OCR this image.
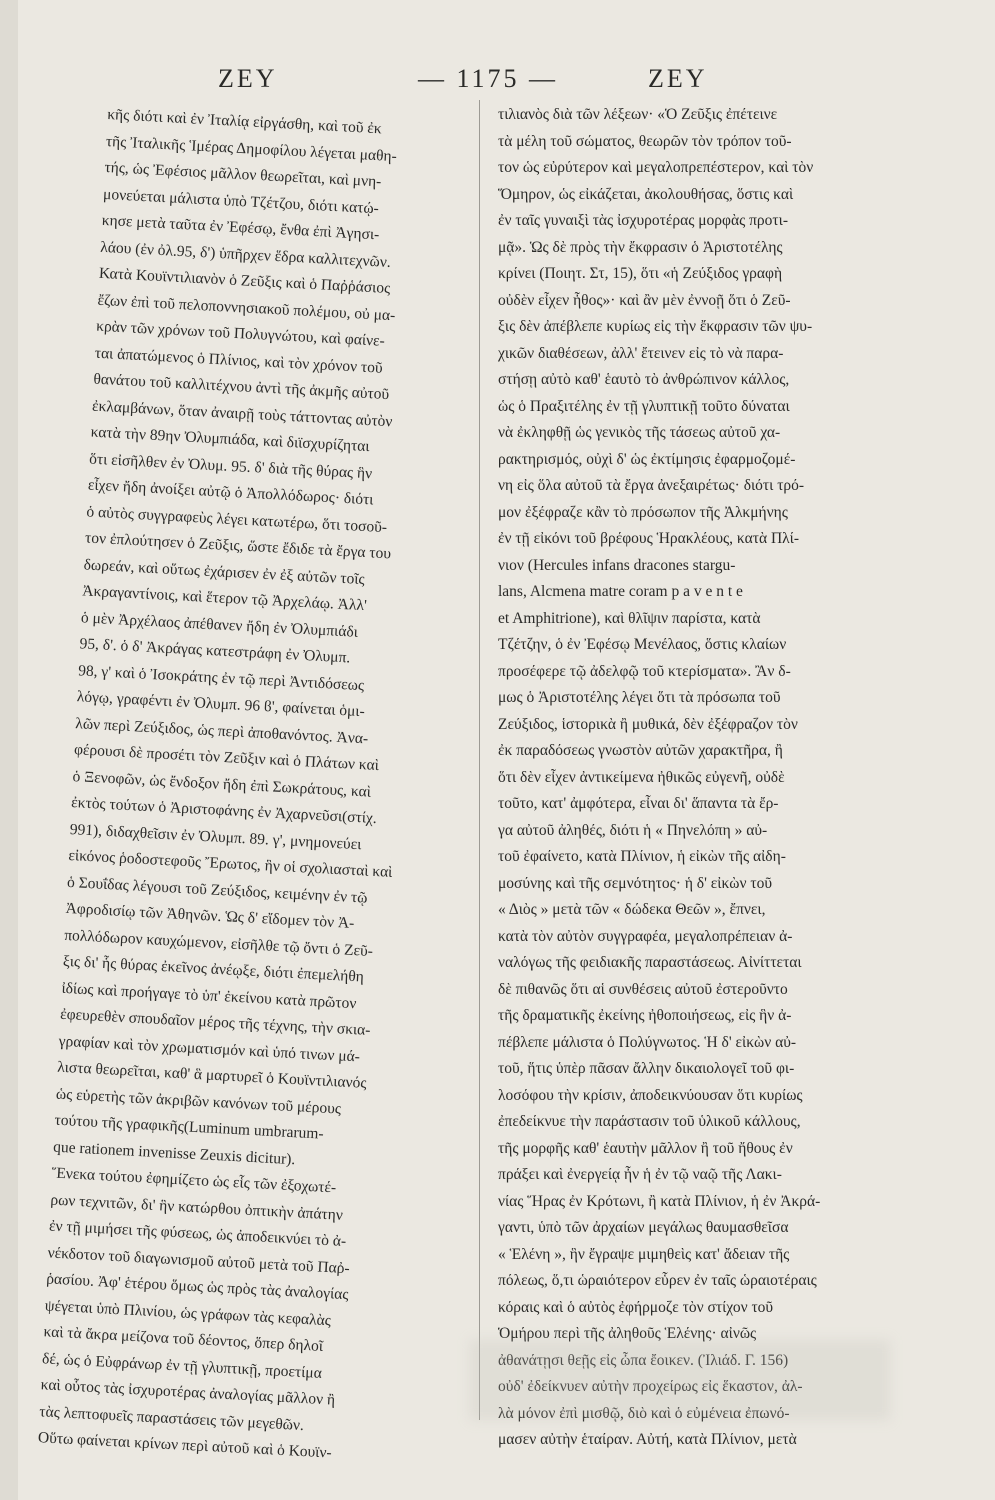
ΖΕΥ	— 1175 —	ΖΕΥ
κῆς διότι καὶ ἐν Ἰταλίᾳ εἰργάσθη, καὶ τοῦ ἐκ
τῆς Ἰταλικῆς Ἱμέρας Δημοφίλου λέγεται μαθη-
τής, ὡς Ἐφέσιος μᾶλλον θεωρεῖται, καὶ μνη-
μονεύεται μάλιστα ὑπὸ Τζέτζου, διότι κατῴ-
κησε μετὰ ταῦτα ἐν Ἐφέσῳ, ἔνθα ἐπὶ Ἀγησι-
λάου (ἐν ὀλ.95, δ') ὑπῆρχεν ἕδρα καλλιτεχνῶν.
Κατὰ Κουϊντιλιανὸν ὁ Ζεῦξις καὶ ὁ Παῤῥάσιος
ἔζων ἐπὶ τοῦ πελοποννησιακοῦ πολέμου, οὐ μα-
κρὰν τῶν χρόνων τοῦ Πολυγνώτου, καὶ φαίνε-
ται ἀπατώμενος ὁ Πλίνιος, καὶ τὸν χρόνον τοῦ
θανάτου τοῦ καλλιτέχνου ἀντὶ τῆς ἀκμῆς αὐτοῦ
ἐκλαμβάνων, ὅταν ἀναιρῇ τοὺς τάττοντας αὐτὸν
κατὰ τὴν 89ην Ὀλυμπιάδα, καὶ διϊσχυρίζηται
ὅτι εἰσῆλθεν ἐν Ὀλυμ. 95. δ' διὰ τῆς θύρας ἣν
εἶχεν ἤδη ἀνοίξει αὐτῷ ὁ Ἀπολλόδωρος· διότι
ὁ αὐτὸς συγγραφεὺς λέγει κατωτέρω, ὅτι τοσοῦ-
τον ἐπλούτησεν ὁ Ζεῦξις, ὥστε ἔδιδε τὰ ἔργα του
δωρεάν, καὶ οὕτως ἐχάρισεν ἐν ἐξ αὐτῶν τοῖς
Ἀκραγαντίνοις, καὶ ἕτερον τῷ Ἀρχελάῳ. Ἀλλ'
ὁ μὲν Ἀρχέλαος ἀπέθανεν ἤδη ἐν Ὀλυμπιάδι
95, δ'. ὁ δ' Ἀκράγας κατεστράφη ἐν Ὀλυμπ.
98, γ' καὶ ὁ Ἰσοκράτης ἐν τῷ περὶ Ἀντιδόσεως
λόγῳ, γραφέντι ἐν Ὀλυμπ. 96 ϐ', φαίνεται ὁμι-
λῶν περὶ Ζεύξιδος, ὡς περὶ ἀποθανόντος. Ἀνα-
φέρουσι δὲ προσέτι τὸν Ζεῦξιν καὶ ὁ Πλάτων καὶ
ὁ Ξενοφῶν, ὡς ἔνδοξον ἤδη ἐπὶ Σωκράτους, καὶ
ἐκτὸς τούτων ὁ Ἀριστοφάνης ἐν Ἀχαρνεῦσι(στίχ.
991), διδαχθεῖσιν ἐν Ὀλυμπ. 89. γ', μνημονεύει
εἰκόνος ῥοδοστεφοῦς Ἔρωτος, ἣν οἱ σχολιασταὶ καὶ
ὁ Σουΐδας λέγουσι τοῦ Ζεύξιδος, κειμένην ἐν τῷ
Ἀφροδισίῳ τῶν Ἀθηνῶν. Ὡς δ' εἴδομεν τὸν Ἀ-
πολλόδωρον καυχώμενον, εἰσῆλθε τῷ ὄντι ὁ Ζεῦ-
ξις δι' ἧς θύρας ἐκεῖνος ἀνέῳξε, διότι ἐπεμελήθη
ἰδίως καὶ προήγαγε τὸ ὑπ' ἐκείνου κατὰ πρῶτον
ἐφευρεθὲν σπουδαῖον μέρος τῆς τέχνης, τὴν σκια-
γραφίαν καὶ τὸν χρωματισμόν καὶ ὑπό τινων μά-
λιστα θεωρεῖται, καθ' ἃ μαρτυρεῖ ὁ Κουϊντιλιανός
ὡς εὑρετὴς τῶν ἀκριβῶν κανόνων τοῦ μέρους
τούτου τῆς γραφικῆς(Luminum umbrarum-
que rationem invenisse Zeuxis dicitur).
Ἕνεκα τούτου ἐφημίζετο ὡς εἷς τῶν ἐξοχωτέ-
ρων τεχνιτῶν, δι' ἣν κατώρθου ὀπτικὴν ἀπάτην
ἐν τῇ μιμήσει τῆς φύσεως, ὡς ἀποδεικνύει τὸ ἀ-
νέκδοτον τοῦ διαγωνισμοῦ αὐτοῦ μετὰ τοῦ Παῤ-
ῥασίου. Ἀφ' ἑτέρου ὅμως ὡς πρὸς τὰς ἀναλογίας
ψέγεται ὑπὸ Πλινίου, ὡς γράφων τὰς κεφαλὰς
καὶ τὰ ἄκρα μείζονα τοῦ δέοντος, ὅπερ δηλοῖ
δέ, ὡς ὁ Εὐφράνωρ ἐν τῇ γλυπτικῇ, προετίμα
καὶ οὗτος τὰς ἰσχυροτέρας ἀναλογίας μᾶλλον ἢ
τὰς λεπτοφυεῖς παραστάσεις τῶν μεγεθῶν.
Οὕτω φαίνεται κρίνων περὶ αὐτοῦ καὶ ὁ Κουϊν-
τιλιανὸς διὰ τῶν λέξεων· «Ὁ Ζεῦξις ἐπέτεινε
τὰ μέλη τοῦ σώματος, θεωρῶν τὸν τρόπον τοῦ-
τον ὡς εὐρύτερον καὶ μεγαλοπρεπέστερον, καὶ τὸν
Ὅμηρον, ὡς εἰκάζεται, ἀκολουθήσας, ὅστις καὶ
ἐν ταῖς γυναιξὶ τὰς ἰσχυροτέρας μορφὰς προτι-
μᾷ». Ὡς δὲ πρὸς τὴν ἔκφρασιν ὁ Ἀριστοτέλης
κρίνει (Ποιητ. Στ, 15), ὅτι «ἡ Ζεύξιδος γραφὴ
οὐδὲν εἶχεν ἦθος»· καὶ ἂν μὲν ἐννοῇ ὅτι ὁ Ζεῦ-
ξις δὲν ἀπέβλεπε κυρίως εἰς τὴν ἔκφρασιν τῶν ψυ-
χικῶν διαθέσεων, ἀλλ' ἔτεινεν εἰς τὸ νὰ παρα-
στήσῃ αὐτὸ καθ' ἑαυτὸ τὸ ἀνθρώπινον κάλλος,
ὡς ὁ Πραξιτέλης ἐν τῇ γλυπτικῇ τοῦτο δύναται
νὰ ἐκληφθῇ ὡς γενικὸς τῆς τάσεως αὐτοῦ χα-
ρακτηρισμός, οὐχὶ δ' ὡς ἐκτίμησις ἐφαρμοζομέ-
νη εἰς ὅλα αὐτοῦ τὰ ἔργα ἀνεξαιρέτως· διότι τρό-
μον ἐξέφραζε κἂν τὸ πρόσωπον τῆς Ἀλκμήνης
ἐν τῇ εἰκόνι τοῦ βρέφους Ἡρακλέους, κατὰ Πλί-
νιον (Hercules infans dracones stargu-
lans, Alcmena matre coram p a v e n t e
et Amphitrione), καὶ θλῖψιν παρίστα, κατὰ
Τζέτζην, ὁ ἐν Ἐφέσῳ Μενέλαος, ὅστις κλαίων
προσέφερε τῷ ἀδελφῷ τοῦ κτερίσματα». Ἂν δ-
μως ὁ Ἀριστοτέλης λέγει ὅτι τὰ πρόσωπα τοῦ
Ζεύξιδος, ἱστορικὰ ἢ μυθικά, δὲν ἐξέφραζον τὸν
ἐκ παραδόσεως γνωστὸν αὐτῶν χαρακτῆρα, ἢ
ὅτι δὲν εἶχεν ἀντικείμενα ἠθικῶς εὐγενῆ, οὐδὲ
τοῦτο, κατ' ἀμφότερα, εἶναι δι' ἅπαντα τὰ ἔρ-
γα αὐτοῦ ἀληθές, διότι ἡ « Πηνελόπη » αὐ-
τοῦ ἐφαίνετο, κατὰ Πλίνιον, ἡ εἰκὼν τῆς αἰδη-
μοσύνης καὶ τῆς σεμνότητος· ἡ δ' εἰκὼν τοῦ
« Διὸς » μετὰ τῶν « δώδεκα Θεῶν », ἔπνει,
κατὰ τὸν αὐτὸν συγγραφέα, μεγαλοπρέπειαν ἀ-
ναλόγως τῆς φειδιακῆς παραστάσεως. Αἰνίττεται
δὲ πιθανῶς ὅτι αἱ συνθέσεις αὐτοῦ ἐστεροῦντο
τῆς δραματικῆς ἐκείνης ἠθοποιήσεως, εἰς ἣν ἀ-
πέβλεπε μάλιστα ὁ Πολύγνωτος. Ἡ δ' εἰκὼν αὐ-
τοῦ, ἥτις ὑπὲρ πᾶσαν ἄλλην δικαιολογεῖ τοῦ φι-
λοσόφου τὴν κρίσιν, ἀποδεικνύουσαν ὅτι κυρίως
ἐπεδείκνυε τὴν παράστασιν τοῦ ὑλικοῦ κάλλους,
τῆς μορφῆς καθ' ἑαυτὴν μᾶλλον ἢ τοῦ ἤθους ἐν
πράξει καὶ ἐνεργείᾳ ἦν ἡ ἐν τῷ ναῷ τῆς Λακι-
νίας Ἥρας ἐν Κρότωνι, ἢ κατὰ Πλίνιον, ἡ ἐν Ἀκρά-
γαντι, ὑπὸ τῶν ἀρχαίων μεγάλως θαυμασθεῖσα
« Ἑλένη », ἣν ἔγραψε μιμηθεὶς κατ' ἄδειαν τῆς
πόλεως, ὅ,τι ὡραιότερον εὗρεν ἐν ταῖς ὡραιοτέραις
κόραις καὶ ὁ αὐτὸς ἐφήρμοζε τὸν στίχον τοῦ
Ὁμήρου περὶ τῆς ἀληθοῦς Ἑλένης· αἰνῶς
ἀθανάτῃσι θεῇς εἰς ὦπα ἔοικεν. (Ἰλιάδ. Γ. 156)
οὐδ' ἐδείκνυεν αὐτὴν προχείρως εἰς ἕκαστον, ἀλ-
λὰ μόνον ἐπὶ μισθῷ, διὸ καὶ ὁ εὐμένεια ἐπωνό-
μασεν αὐτὴν ἑταίραν. Αὐτή, κατὰ Πλίνιον, μετὰ
